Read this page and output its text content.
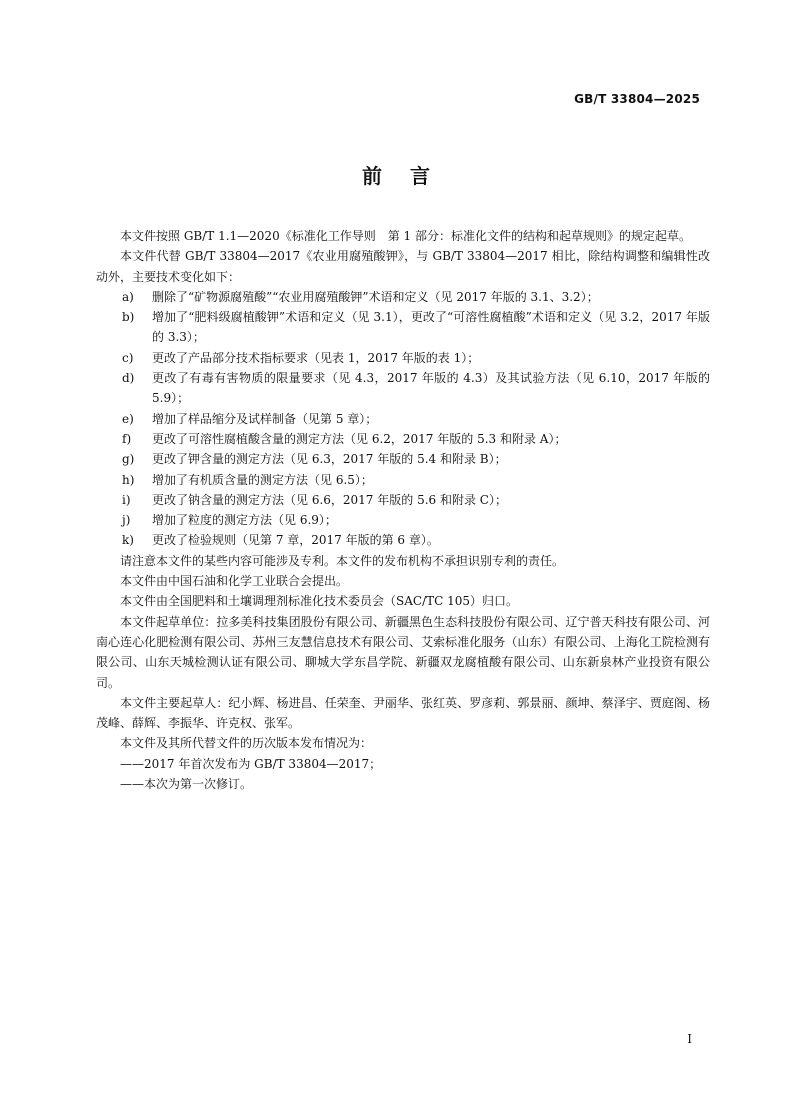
GB/T 33804—2025
前言
本文件按照 GB/T 1.1—2020《标准化工作导则　第 1 部分：标准化文件的结构和起草规则》的规定起草。
本文件代替 GB/T 33804—2017《农业用腐殖酸钾》，与 GB/T 33804—2017 相比，除结构调整和编辑性改动外，主要技术变化如下：
a)	删除了“矿物源腐殖酸”“农业用腐殖酸钾”术语和定义（见 2017 年版的 3.1、3.2）；
b)	增加了“肥料级腐植酸钾”术语和定义（见 3.1），更改了“可溶性腐植酸”术语和定义（见 3.2，2017 年版的 3.3）；
c)	更改了产品部分技术指标要求（见表 1，2017 年版的表 1）；
d)	更改了有毒有害物质的限量要求（见 4.3，2017 年版的 4.3）及其试验方法（见 6.10，2017 年版的 5.9）；
e)	增加了样品缩分及试样制备（见第 5 章）；
f)	更改了可溶性腐植酸含量的测定方法（见 6.2，2017 年版的 5.3 和附录 A）；
g)	更改了钾含量的测定方法（见 6.3，2017 年版的 5.4 和附录 B）；
h)	增加了有机质含量的测定方法（见 6.5）；
i)	更改了钠含量的测定方法（见 6.6，2017 年版的 5.6 和附录 C）；
j)	增加了粒度的测定方法（见 6.9）；
k)	更改了检验规则（见第 7 章，2017 年版的第 6 章）。
请注意本文件的某些内容可能涉及专利。本文件的发布机构不承担识别专利的责任。
本文件由中国石油和化学工业联合会提出。
本文件由全国肥料和土壤调理剂标准化技术委员会（SAC/TC 105）归口。
本文件起草单位：拉多美科技集团股份有限公司、新疆黑色生态科技股份有限公司、辽宁普天科技有限公司、河南心连心化肥检测有限公司、苏州三友慧信息技术有限公司、艾索标准化服务（山东）有限公司、上海化工院检测有限公司、山东天城检测认证有限公司、聊城大学东昌学院、新疆双龙腐植酸有限公司、山东新泉林产业投资有限公司。
本文件主要起草人：纪小辉、杨进昌、任荣奎、尹丽华、张红英、罗彦莉、郭景丽、颜坤、蔡泽宇、贾庭阁、杨茂峰、薛辉、李振华、许克权、张军。
本文件及其所代替文件的历次版本发布情况为：
——2017 年首次发布为 GB/T 33804—2017；
——本次为第一次修订。
I
